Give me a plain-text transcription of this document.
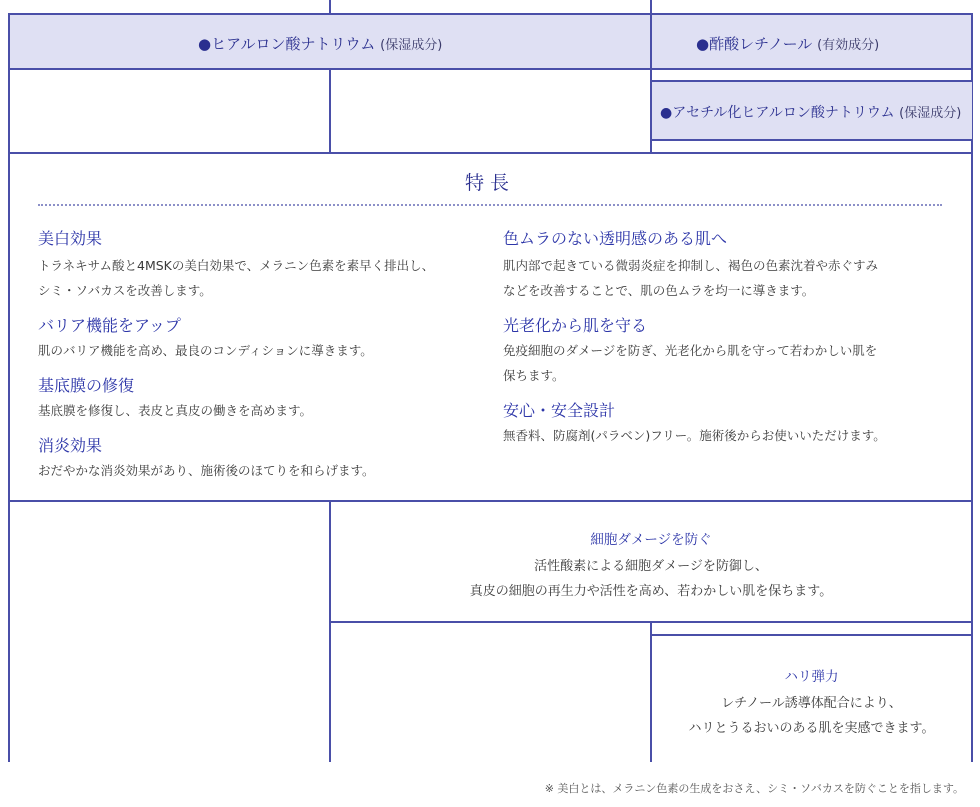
●ヒアルロン酸ナトリウム (保湿成分)	●酢酸レチノール (有効成分)
●アセチル化ヒアルロン酸ナトリウム (保湿成分)
特長

美白効果

トラネキサム酸と4MSKの美白効果で、メラニン色素を素早く排出し、
シミ・ソバカスを改善します。

バリア機能をアップ

肌のバリア機能を高め、最良のコンディションに導きます。

基底膜の修復

基底膜を修復し、表皮と真皮の働きを高めます。

消炎効果

おだやかな消炎効果があり、施術後のほてりを和らげます。

色ムラのない透明感のある肌へ

肌内部で起きている微弱炎症を抑制し、褐色の色素沈着や赤ぐすみ
などを改善することで、肌の色ムラを均一に導きます。

光老化から肌を守る

免疫細胞のダメージを防ぎ、光老化から肌を守って若わかしい肌を
保ちます。

安心・安全設計

無香料、防腐剤(パラベン)フリー。施術後からお使いいただけます。

細胞ダメージを防ぐ
活性酸素による細胞ダメージを防御し、
真皮の細胞の再生力や活性を高め、若わかしい肌を保ちます。
ハリ弾力
レチノール誘導体配合により、
ハリとうるおいのある肌を実感できます。
※ 美白とは、メラニン色素の生成をおさえ、シミ・ソバカスを防ぐことを指します。
